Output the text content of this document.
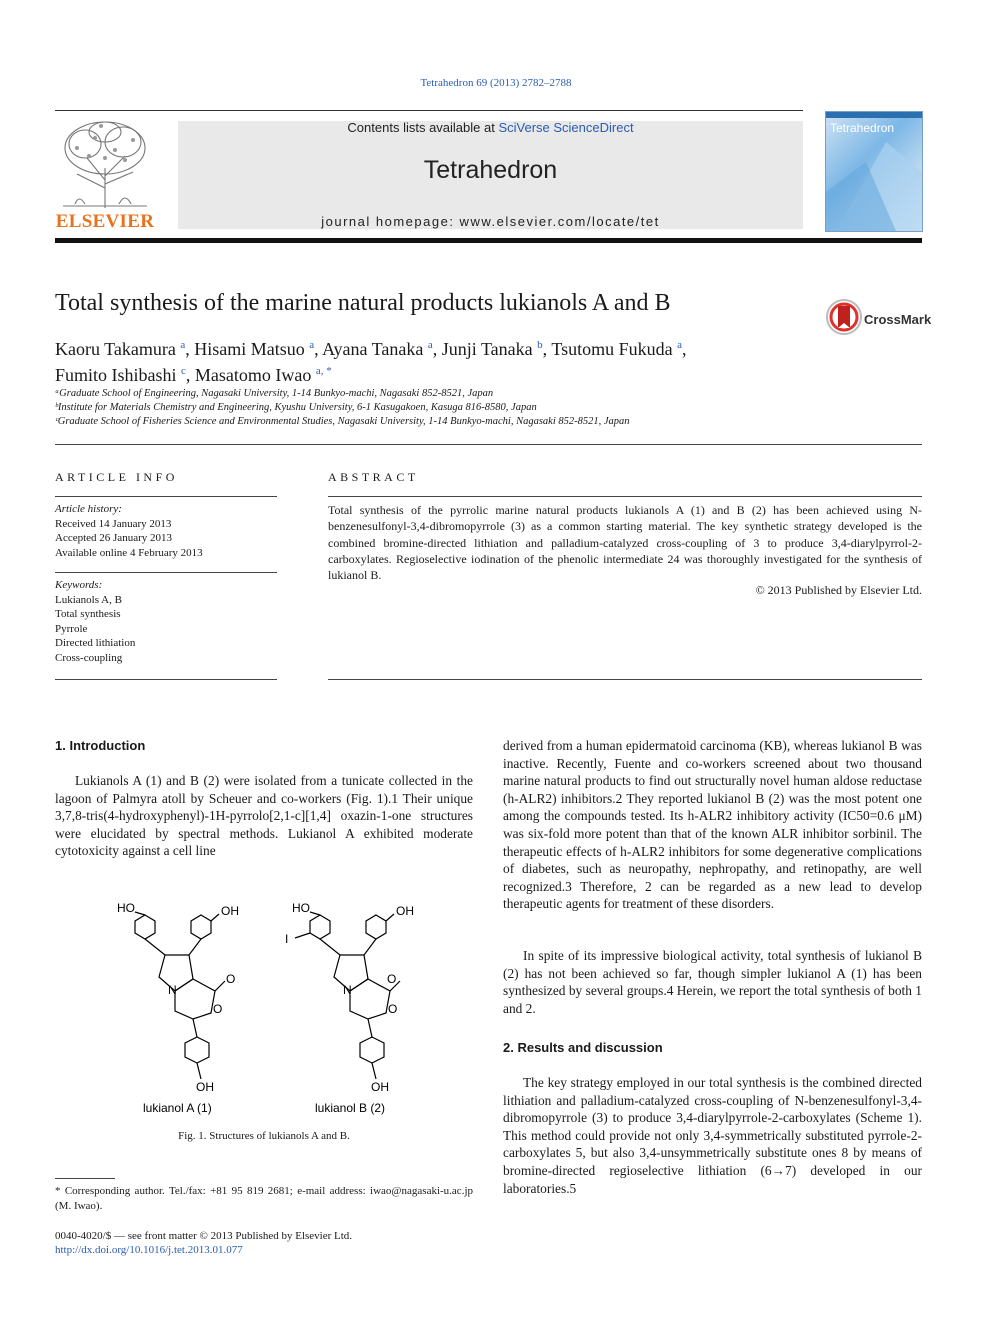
Tetrahedron 69 (2013) 2782–2788
ELSEVIER
Contents lists available at SciVerse ScienceDirect
Tetrahedron
journal homepage: www.elsevier.com/locate/tet
Tetrahedron
Total synthesis of the marine natural products lukianols A and B
CrossMark
Kaoru Takamura $^a$, Hisami Matsuo $^a$, Ayana Tanaka $^a$, Junji Tanaka $^b$, Tsutomu Fukuda $^a$,
Fumito Ishibashi $^c$, Masatomo Iwao $^{a, *}$
ᵃGraduate School of Engineering, Nagasaki University, 1-14 Bunkyo-machi, Nagasaki 852-8521, Japan
ᵇInstitute for Materials Chemistry and Engineering, Kyushu University, 6-1 Kasugakoen, Kasuga 816-8580, Japan
ᶜGraduate School of Fisheries Science and Environmental Studies, Nagasaki University, 1-14 Bunkyo-machi, Nagasaki 852-8521, Japan
ARTICLE INFO
Article history:
Received 14 January 2013
Accepted 26 January 2013
Available online 4 February 2013
Keywords:
Lukianols A, B
Total synthesis
Pyrrole
Directed lithiation
Cross-coupling
ABSTRACT
Total synthesis of the pyrrolic marine natural products lukianols A (1) and B (2) has been achieved using N-benzenesulfonyl-3,4-dibromopyrrole (3) as a common starting material. The key synthetic strategy developed is the combined bromine-directed lithiation and palladium-catalyzed cross-coupling of 3 to produce 3,4-diarylpyrrol-2-carboxylates. Regioselective iodination of the phenolic intermediate 24 was thoroughly investigated for the synthesis of lukianol B.
© 2013 Published by Elsevier Ltd.
1. Introduction
Lukianols A (1) and B (2) were isolated from a tunicate collected in the lagoon of Palmyra atoll by Scheuer and co-workers (Fig. 1).1 Their unique 3,7,8-tris(4-hydroxyphenyl)-1H-pyrrolo[2,1-c][1,4] oxazin-1-one structures were elucidated by spectral methods. Lukianol A exhibited moderate cytotoxicity against a cell line
HO	OH
N
O
O
OH
HO
I
OH
N
O
O
OH
lukianol A (1)	lukianol B (2)
Fig. 1. Structures of lukianols A and B.
* Corresponding author. Tel./fax: +81 95 819 2681; e-mail address: iwao@nagasaki-u.ac.jp (M. Iwao).
0040-4020/$ — see front matter © 2013 Published by Elsevier Ltd.
http://dx.doi.org/10.1016/j.tet.2013.01.077
derived from a human epidermatoid carcinoma (KB), whereas lukianol B was inactive. Recently, Fuente and co-workers screened about two thousand marine natural products to find out structurally novel human aldose reductase (h-ALR2) inhibitors.2 They reported lukianol B (2) was the most potent one among the compounds tested. Its h-ALR2 inhibitory activity (IC50=0.6 μM) was six-fold more potent than that of the known ALR inhibitor sorbinil. The therapeutic effects of h-ALR2 inhibitors for some degenerative complications of diabetes, such as neuropathy, nephropathy, and retinopathy, are well recognized.3 Therefore, 2 can be regarded as a new lead to develop therapeutic agents for treatment of these disorders.
In spite of its impressive biological activity, total synthesis of lukianol B (2) has not been achieved so far, though simpler lukianol A (1) has been synthesized by several groups.4 Herein, we report the total synthesis of both 1 and 2.
2. Results and discussion
The key strategy employed in our total synthesis is the combined directed lithiation and palladium-catalyzed cross-coupling of N-benzenesulfonyl-3,4-dibromopyrrole (3) to produce 3,4-diarylpyrrole-2-carboxylates (Scheme 1). This method could provide not only 3,4-symmetrically substituted pyrrole-2-carboxylates 5, but also 3,4-unsymmetrically substitute ones 8 by means of bromine-directed regioselective lithiation (6→7) developed in our laboratories.5
